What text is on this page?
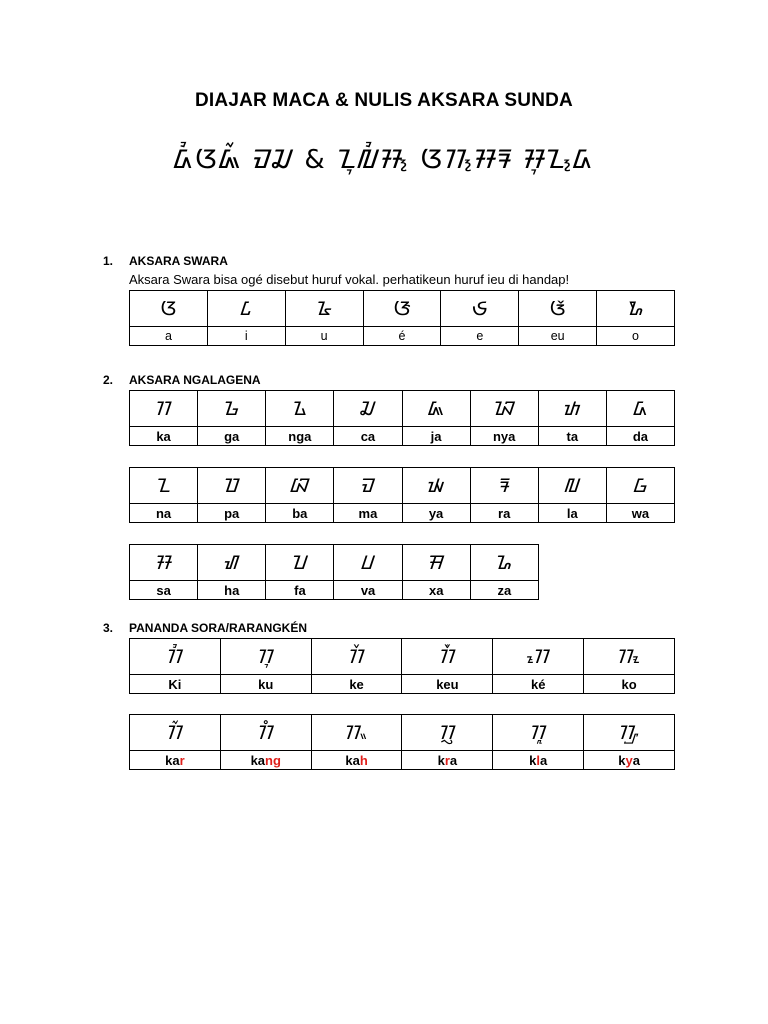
DIAJAR MACA & NULIS AKSARA SUNDA
ᮓᮤᮃᮏᮁ ᮙᮎ & ᮔᮥᮜᮤᮞ᮪ ᮃᮊ᮪ᮞᮛ ᮞᮥᮔ᮪ᮓ
1. AKSARA SWARA
Aksara Swara bisa ogé disebut huruf vokal. perhatikeun huruf ieu di handap!
ᮃ	ᮄ	ᮅ	ᮆ	ᮈ	ᮉ	ᮇ
a	i	u	é	e	eu	o
2. AKSARA NGALAGENA
ᮊ	ᮌ	ᮍ	ᮎ	ᮏ	ᮑ	ᮒ	ᮓ
ka	ga	nga	ca	ja	nya	ta	da
ᮔ	ᮕ	ᮘ	ᮙ	ᮚ	ᮛ	ᮜ	ᮝ
na	pa	ba	ma	ya	ra	la	wa
ᮞ	ᮠ	ᮖ	ᮗ	ᮟ	ᮐ
sa	ha	fa	va	xa	za
3. PANANDA SORA/RARANGKÉN
ᮊᮤ	ᮊᮥ	ᮊᮨ	ᮊᮩ	ᮊᮦ	ᮊᮧ
Ki	ku	ke	keu	ké	ko
ᮊᮁ	ᮊᮀ	ᮊᮂ	ᮊᮢ	ᮊᮣ	ᮊᮡ
kar	kang	kah	kra	kla	kya
